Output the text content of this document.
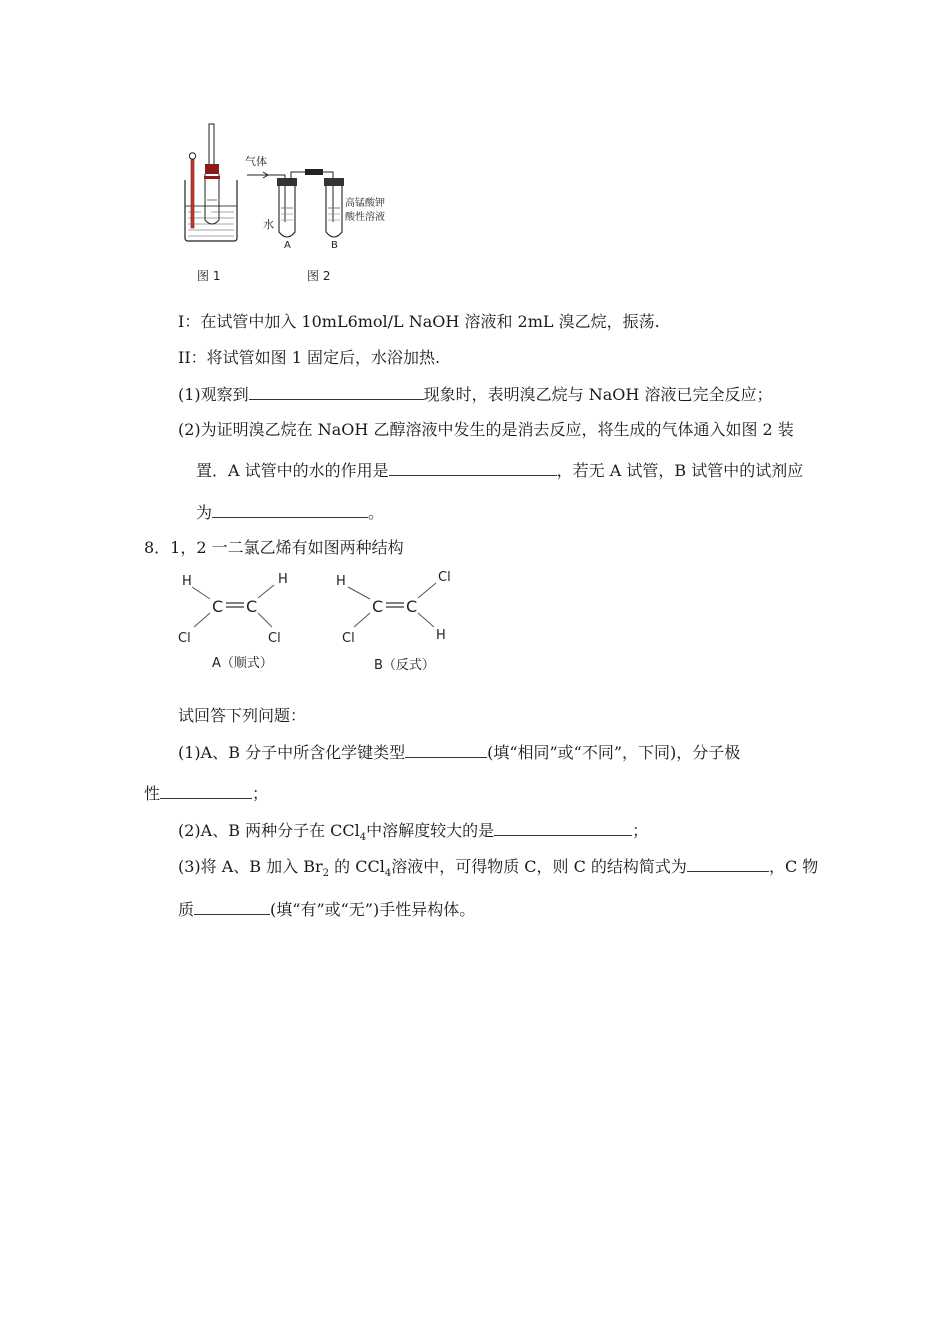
图 1
气体
水
高锰酸钾
酸性溶液
A	B
图 2
Ⅰ：在试管中加入 10mL6mol/L NaOH 溶液和 2mL 溴乙烷，振荡.
II：将试管如图 1 固定后，水浴加热.
(1)观察到	现象时，表明溴乙烷与 NaOH 溶液已完全反应；
(2)为证明溴乙烷在 NaOH 乙醇溶液中发生的是消去反应，将生成的气体通入如图 2 装
置．A 试管中的水的作用是	，若无 A 试管，B 试管中的试剂应
为	。
8．1，2 一二氯乙烯有如图两种结构
H	H
C C
Cl	Cl
A（顺式）
H	Cl
C C
Cl	H
B（反式）
试回答下列问题：
(1)A、B 分子中所含化学键类型	(填“相同”或“不同”，下同)，分子极
性	；
(2)A、B 两种分子在 CCl$_4$中溶解度较大的是	；
(3)将 A、B 加入 $Br_2$ 的 CCl$_4$溶液中，可得物质 C，则 C 的结构简式为	，C 物
质	(填“有”或“无”)手性异构体。
